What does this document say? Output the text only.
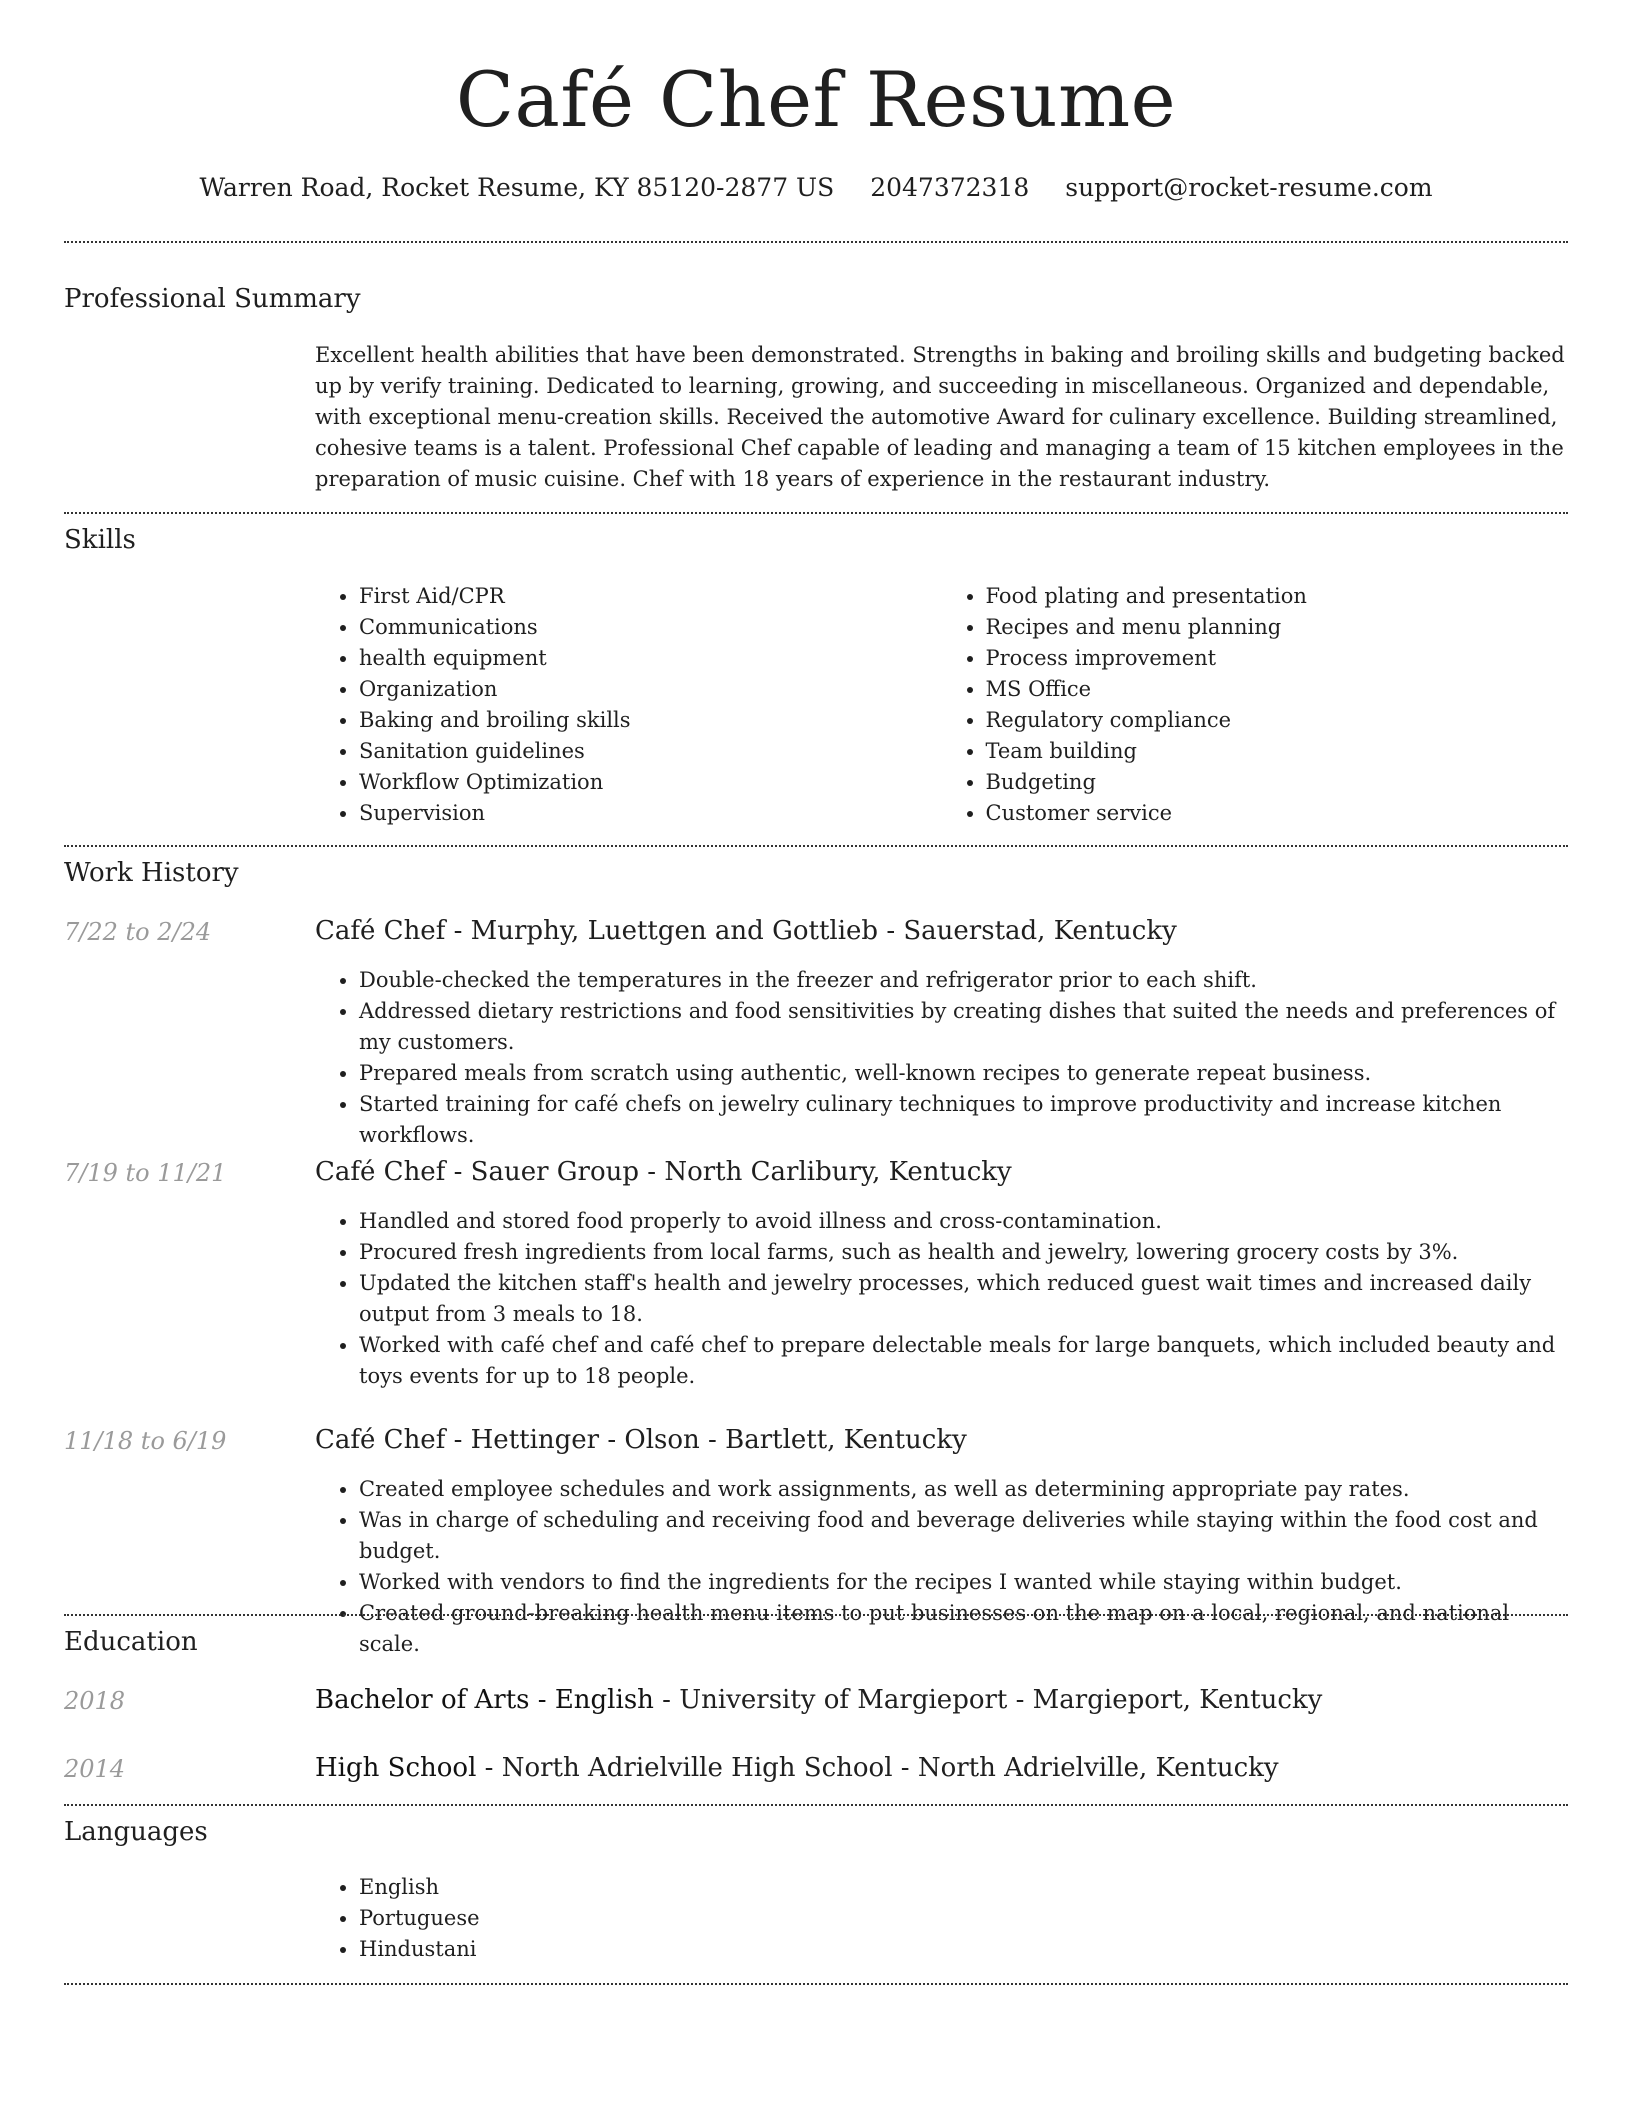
Café Chef Resume
Warren Road, Rocket Resume, KY 85120-2877 US 2047372318 support@rocket-resume.com
Professional Summary

Excellent health abilities that have been demonstrated. Strengths in baking and broiling skills and budgeting backed up by verify training. Dedicated to learning, growing, and succeeding in miscellaneous. Organized and dependable, with exceptional menu-creation skills. Received the automotive Award for culinary excellence. Building streamlined, cohesive teams is a talent. Professional Chef capable of leading and managing a team of 15 kitchen employees in the preparation of music cuisine. Chef with 18 years of experience in the restaurant industry.

Skills
• First Aid/CPR
• Communications
• health equipment
• Organization
• Baking and broiling skills
• Sanitation guidelines
• Workflow Optimization
• Supervision
• Food plating and presentation
• Recipes and menu planning
• Process improvement
• MS Office
• Regulatory compliance
• Team building
• Budgeting
• Customer service
Work History
7/22 to 2/24	Café Chef - Murphy, Luettgen and Gottlieb - Sauerstad, Kentucky
• Double-checked the temperatures in the freezer and refrigerator prior to each shift.
• Addressed dietary restrictions and food sensitivities by creating dishes that suited the needs and preferences of my customers.
• Prepared meals from scratch using authentic, well-known recipes to generate repeat business.
• Started training for café chefs on jewelry culinary techniques to improve productivity and increase kitchen workflows.
7/19 to 11/21	Café Chef - Sauer Group - North Carlibury, Kentucky
• Handled and stored food properly to avoid illness and cross-contamination.
• Procured fresh ingredients from local farms, such as health and jewelry, lowering grocery costs by 3%.
• Updated the kitchen staff's health and jewelry processes, which reduced guest wait times and increased daily output from 3 meals to 18.
• Worked with café chef and café chef to prepare delectable meals for large banquets, which included beauty and toys events for up to 18 people.
11/18 to 6/19	Café Chef - Hettinger - Olson - Bartlett, Kentucky
• Created employee schedules and work assignments, as well as determining appropriate pay rates.
• Was in charge of scheduling and receiving food and beverage deliveries while staying within the food cost and budget.
• Worked with vendors to find the ingredients for the recipes I wanted while staying within budget.
• Created ground-breaking health menu items to put businesses on the map on a local, regional, and national scale.
Education
2018	Bachelor of Arts - English - University of Margieport - Margieport, Kentucky
2014	High School - North Adrielville High School - North Adrielville, Kentucky
Languages
• English
• Portuguese
• Hindustani
